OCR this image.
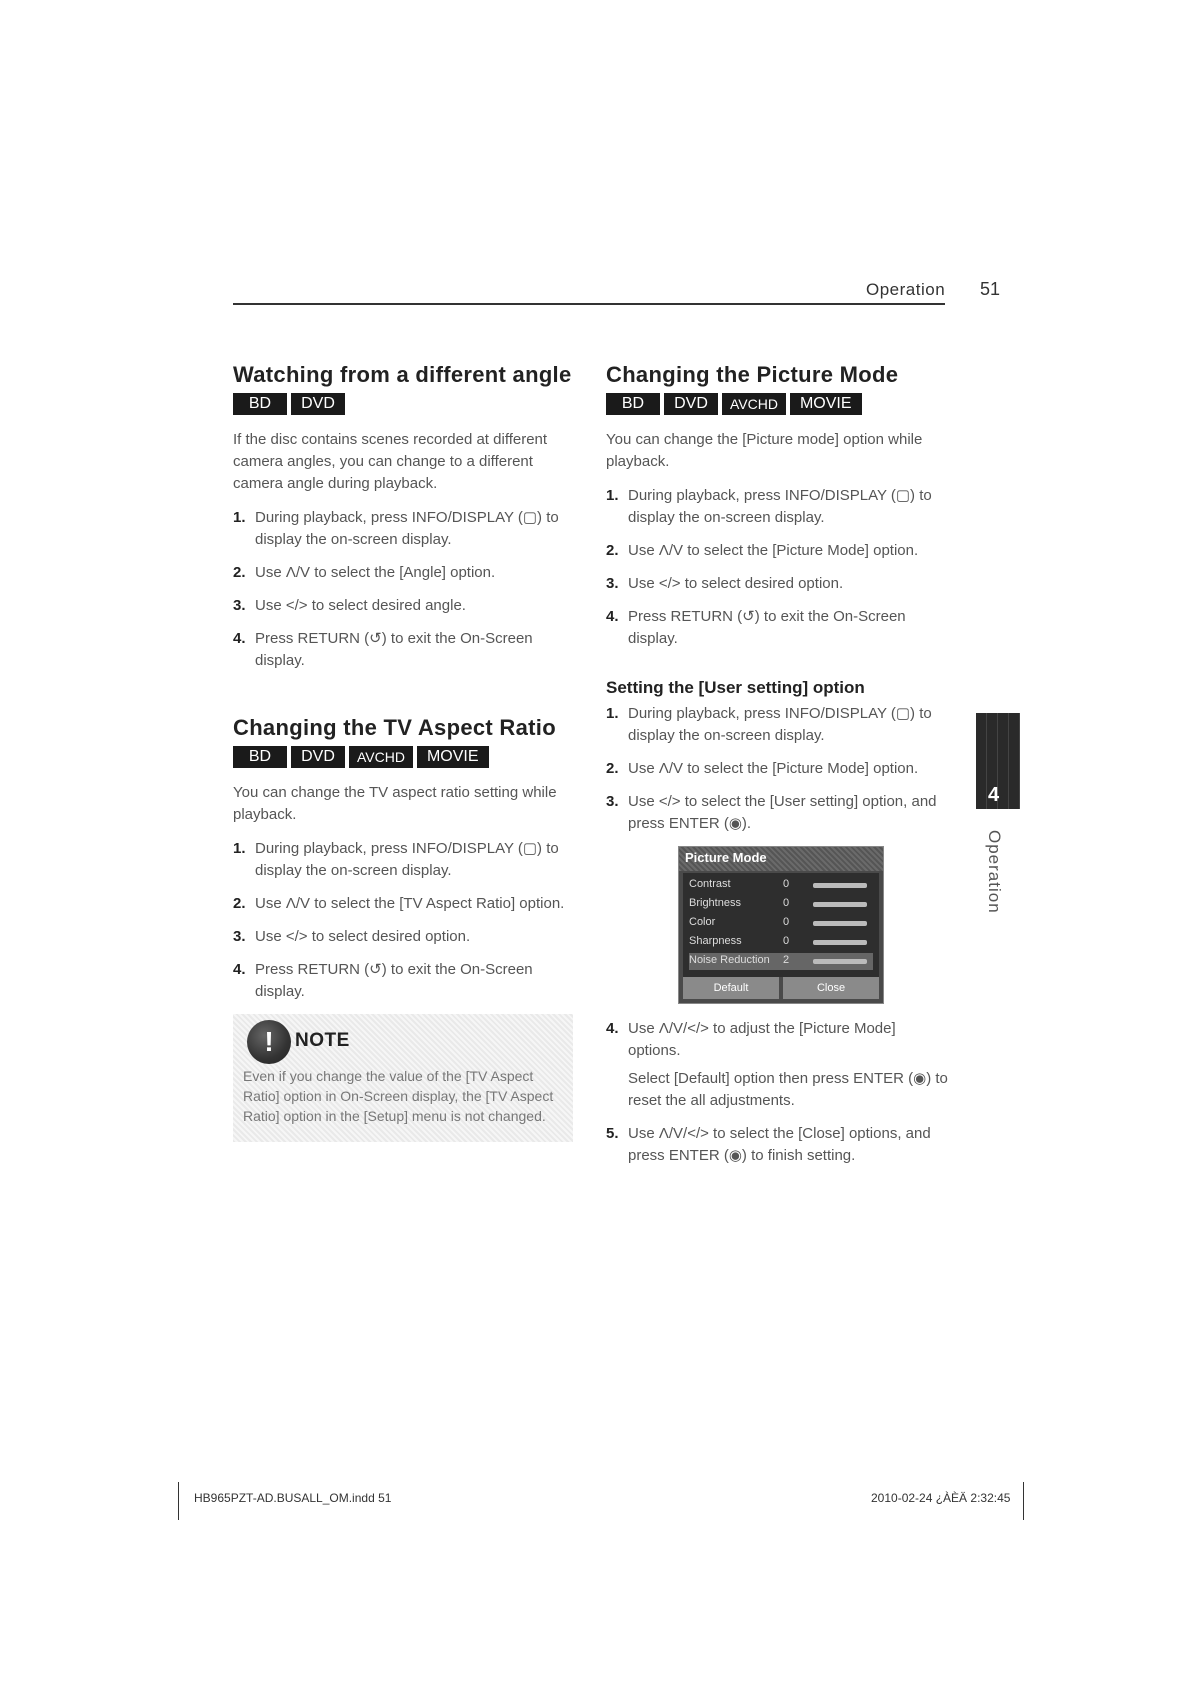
Operation 51
Watching from a different angle
BD	DVD

If the disc contains scenes recorded at different camera angles, you can change to a different camera angle during playback.

1. During playback, press INFO/DISPLAY (▢) to display the on-screen display.
2. Use Λ/V to select the [Angle] option.
3. Use </> to select desired angle.
4. Press RETURN (↺) to exit the On-Screen display.
Changing the TV Aspect Ratio
BD	DVD	AVCHD	MOVIE

You can change the TV aspect ratio setting while playback.

1. During playback, press INFO/DISPLAY (▢) to display the on-screen display.
2. Use Λ/V to select the [TV Aspect Ratio] option.
3. Use </> to select desired option.
4. Press RETURN (↺) to exit the On-Screen display.
!	NOTE
Even if you change the value of the [TV Aspect Ratio] option in On-Screen display, the [TV Aspect Ratio] option in the [Setup] menu is not changed.
Changing the Picture Mode
BD	DVD	AVCHD	MOVIE

You can change the [Picture mode] option while playback.

1. During playback, press INFO/DISPLAY (▢) to display the on-screen display.
2. Use Λ/V to select the [Picture Mode] option.
3. Use </> to select desired option.
4. Press RETURN (↺) to exit the On-Screen display.
Setting the [User setting] option
1. During playback, press INFO/DISPLAY (▢) to display the on-screen display.
2. Use Λ/V to select the [Picture Mode] option.
3. Use </> to select the [User setting] option, and press ENTER (◉).
Picture Mode
Contrast	0
Brightness	0
Color	0
Sharpness	0
Noise Reduction 2
Default	Close
4. Use Λ/V/</> to adjust the [Picture Mode] options.
Select [Default] option then press ENTER (◉) to reset the all adjustments.
5. Use Λ/V/</> to select the [Close] options, and press ENTER (◉) to finish setting.
4
Operation
HB965PZT-AD.BUSALL_OM.indd 51	2010-02-24 ¿ÀÈÄ 2:32:45
